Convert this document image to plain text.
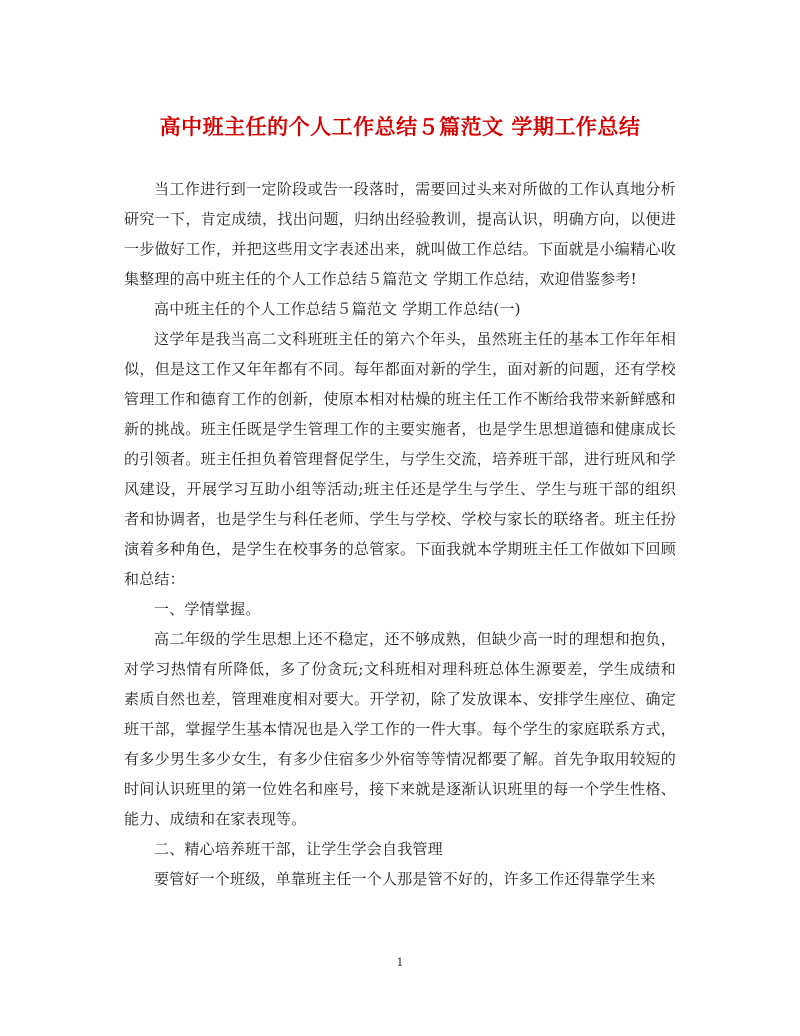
高中班主任的个人工作总结５篇范文 学期工作总结

当工作进行到一定阶段或告一段落时，需要回过头来对所做的工作认真地分析研究一下，肯定成绩，找出问题，归纳出经验教训，提高认识，明确方向，以便进一步做好工作，并把这些用文字表述出来，就叫做工作总结。下面就是小编精心收集整理的高中班主任的个人工作总结５篇范文 学期工作总结，欢迎借鉴参考!

高中班主任的个人工作总结５篇范文 学期工作总结(一)

这学年是我当高二文科班班主任的第六个年头，虽然班主任的基本工作年年相似，但是这工作又年年都有不同。每年都面对新的学生，面对新的问题，还有学校管理工作和德育工作的创新，使原本相对枯燥的班主任工作不断给我带来新鲜感和新的挑战。班主任既是学生管理工作的主要实施者，也是学生思想道德和健康成长的引领者。班主任担负着管理督促学生，与学生交流，培养班干部，进行班风和学风建设，开展学习互助小组等活动;班主任还是学生与学生、学生与班干部的组织者和协调者，也是学生与科任老师、学生与学校、学校与家长的联络者。班主任扮演着多种角色，是学生在校事务的总管家。下面我就本学期班主任工作做如下回顾和总结：

一、学情掌握。

高二年级的学生思想上还不稳定，还不够成熟，但缺少高一时的理想和抱负，对学习热情有所降低，多了份贪玩;文科班相对理科班总体生源要差，学生成绩和素质自然也差，管理难度相对要大。开学初，除了发放课本、安排学生座位、确定班干部，掌握学生基本情况也是入学工作的一件大事。每个学生的家庭联系方式，有多少男生多少女生，有多少住宿多少外宿等等情况都要了解。首先争取用较短的时间认识班里的第一位姓名和座号，接下来就是逐渐认识班里的每一个学生性格、能力、成绩和在家表现等。

二、精心培养班干部，让学生学会自我管理

要管好一个班级，单靠班主任一个人那是管不好的，许多工作还得靠学生来

1
